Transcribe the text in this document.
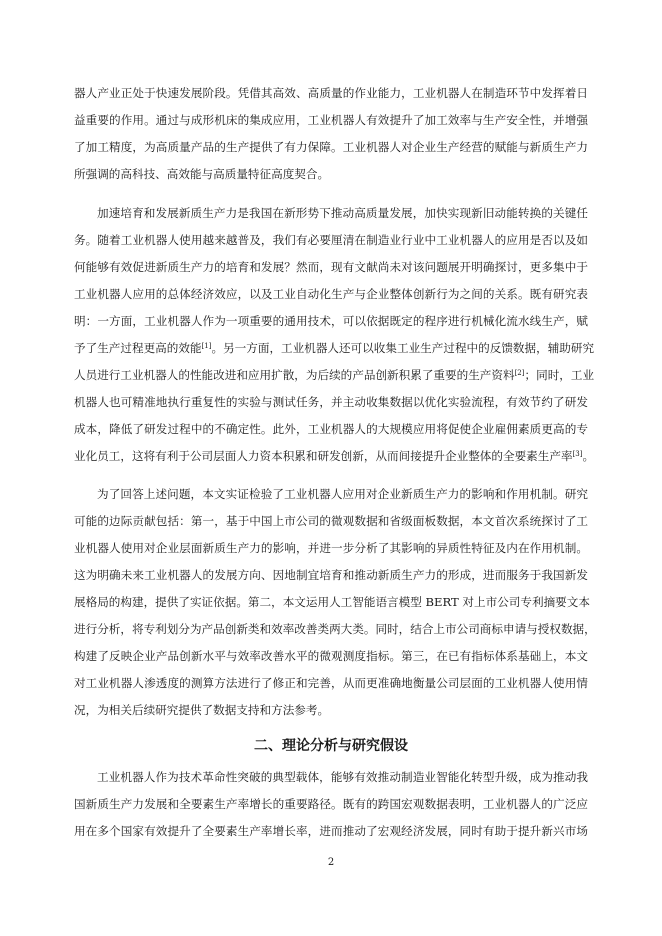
器人产业正处于快速发展阶段。凭借其高效、高质量的作业能力，工业机器人在制造环节中发挥着日
益重要的作用。通过与成形机床的集成应用，工业机器人有效提升了加工效率与生产安全性，并增强
了加工精度，为高质量产品的生产提供了有力保障。工业机器人对企业生产经营的赋能与新质生产力
所强调的高科技、高效能与高质量特征高度契合。
加速培育和发展新质生产力是我国在新形势下推动高质量发展，加快实现新旧动能转换的关键任
务。随着工业机器人使用越来越普及，我们有必要厘清在制造业行业中工业机器人的应用是否以及如
何能够有效促进新质生产力的培育和发展？然而，现有文献尚未对该问题展开明确探讨，更多集中于
工业机器人应用的总体经济效应，以及工业自动化生产与企业整体创新行为之间的关系。既有研究表
明：一方面，工业机器人作为一项重要的通用技术，可以依据既定的程序进行机械化流水线生产，赋
予了生产过程更高的效能[1]。另一方面，工业机器人还可以收集工业生产过程中的反馈数据，辅助研究
人员进行工业机器人的性能改进和应用扩散，为后续的产品创新积累了重要的生产资料[2]；同时，工业
机器人也可精准地执行重复性的实验与测试任务，并主动收集数据以优化实验流程，有效节约了研发
成本，降低了研发过程中的不确定性。此外，工业机器人的大规模应用将促使企业雇佣素质更高的专
业化员工，这将有利于公司层面人力资本积累和研发创新，从而间接提升企业整体的全要素生产率[3]。
为了回答上述问题，本文实证检验了工业机器人应用对企业新质生产力的影响和作用机制。研究
可能的边际贡献包括：第一，基于中国上市公司的微观数据和省级面板数据，本文首次系统探讨了工
业机器人使用对企业层面新质生产力的影响，并进一步分析了其影响的异质性特征及内在作用机制。
这为明确未来工业机器人的发展方向、因地制宜培育和推动新质生产力的形成，进而服务于我国新发
展格局的构建，提供了实证依据。第二，本文运用人工智能语言模型 BERT 对上市公司专利摘要文本
进行分析，将专利划分为产品创新类和效率改善类两大类。同时，结合上市公司商标申请与授权数据，
构建了反映企业产品创新水平与效率改善水平的微观测度指标。第三，在已有指标体系基础上，本文
对工业机器人渗透度的测算方法进行了修正和完善，从而更准确地衡量公司层面的工业机器人使用情
况，为相关后续研究提供了数据支持和方法参考。
二、理论分析与研究假设
工业机器人作为技术革命性突破的典型载体，能够有效推动制造业智能化转型升级，成为推动我
国新质生产力发展和全要素生产率增长的重要路径。既有的跨国宏观数据表明，工业机器人的广泛应
用在多个国家有效提升了全要素生产率增长率，进而推动了宏观经济发展，同时有助于提升新兴市场
2
